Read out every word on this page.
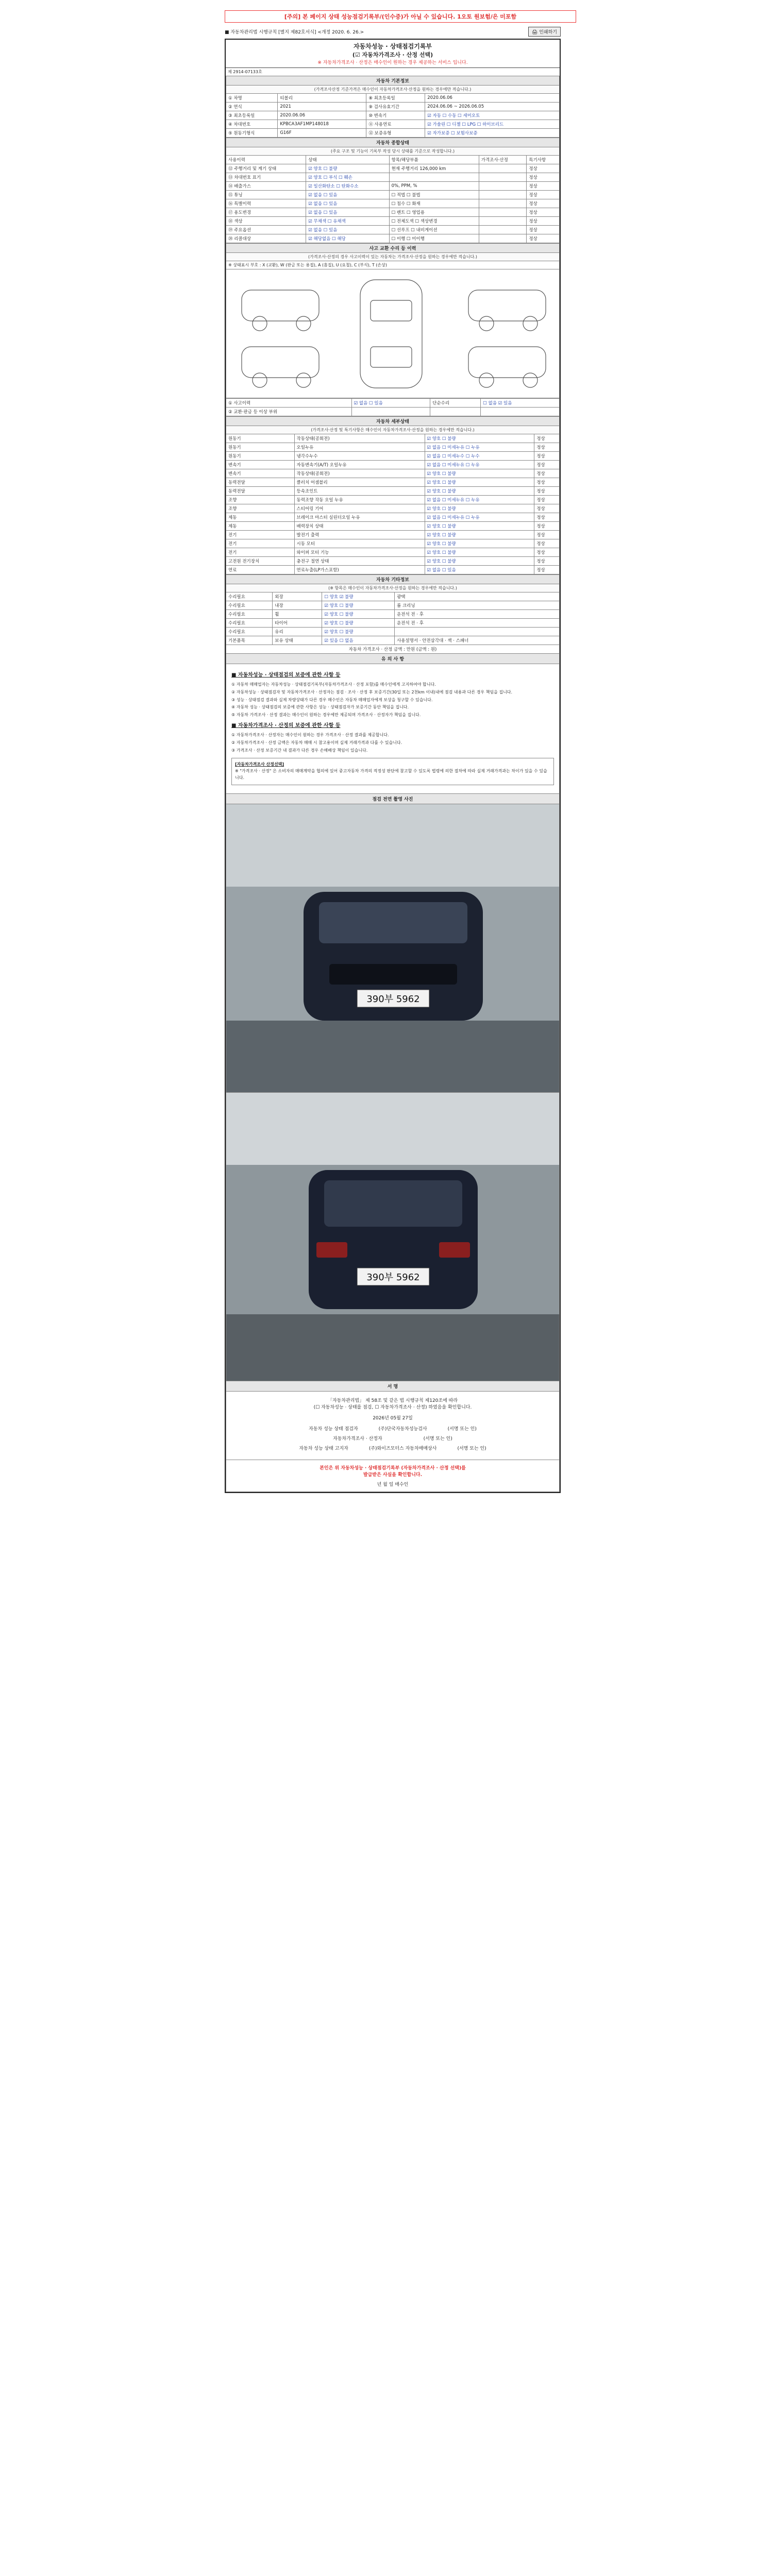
[주의] 본 페이지 상태 성능점검기록부/(인수증)가 아닐 수 있습니다. 1오토 원보험/은 미포함
■ 자동차관리법 시행규칙 [별지 제82호서식] <개정 2020. 6. 26.>	🖨 인쇄하기
자동차성능 · 상태점검기록부
(☑ 자동차가격조사 · 산정 선택)
※ 자동차가격조사 · 산정은 매수인이 원하는 경우 제공하는 서비스 입니다.
제 2914-07133호
자동차 기본정보			
(가격조사산정 기준가격은 매수인이 자동차가격조사·산정을 원하는 경우에만 적습니다.)			
① 차명	티볼리	⑧ 최초등록일	2020.06.06
② 연식	2021	⑨ 검사유효기간	2024.06.06 ~ 2026.06.05
③ 최초등록일	2020.06.06	⑩ 변속기	☑ 자동 ☐ 수동 ☐ 세미오토
④ 차대번호	KPBCA3AF1MP148018	⑪ 사용연료	☑ 가솔린 ☐ 디젤 ☐ LPG ☐ 하이브리드
⑤ 원동기형식	G16F	⑫ 보증유형	☑ 자가보증 ☐ 보험사보증
자동차 종합상태				
(주요 구조 및 기능이 기록부 작성 당시 상태를 기준으로 작성합니다.)				
사용이력	상태	항목/해당부품	가격조사·산정	특기사항
⑫ 주행거리 및 계기 상태	☑ 양호 ☐ 불량	현재 주행거리 126,000 km		정상
⑬ 차대번호 표기	☑ 양호 ☐ 부식 ☐ 훼손			정상
⑭ 배출가스	☑ 일산화탄소 ☐ 탄화수소	0%, PPM, %		정상
⑮ 튜닝	☑ 없음 ☐ 있음	☐ 적법 ☐ 불법		정상
⑯ 특별이력	☑ 없음 ☐ 있음	☐ 침수 ☐ 화재		정상
⑰ 용도변경	☑ 없음 ☐ 있음	☐ 렌트 ☐ 영업용		정상
⑱ 색상	☑ 무채색 ☐ 유채색	☐ 전체도색 ☐ 색상변경		정상
⑲ 주요옵션	☑ 없음 ☐ 있음	☐ 선루프 ☐ 내비게이션		정상
⑳ 리콜대상	☑ 해당없음 ☐ 해당	☐ 이행 ☐ 미이행		정상
사고 교환 수리 등 이력
(가격조사·산정의 경우 사고이력이 있는 자동차는 가격조사·산정을 원하는 경우에만 적습니다.)
※ 상태표시 부호 : X (교환), W (판금 또는 용접), A (흠집), U (요철), C (부식), T (손상)
① 사고이력	☑ 없음 ☐ 있음	단순수리	☐ 없음 ☑ 있음
② 교환·판금 등 이상 부위			
자동차 세부상태			
(가격조사·산정 및 특기사항은 매수인이 자동차가격조사·산정을 원하는 경우에만 적습니다.)			
원동기	작동상태(공회전)	☑ 양호 ☐ 불량	정상
원동기	오일누유	☑ 없음 ☐ 미세누유 ☐ 누유	정상
원동기	냉각수누수	☑ 없음 ☐ 미세누수 ☐ 누수	정상
변속기	자동변속기(A/T) 오일누유	☑ 없음 ☐ 미세누유 ☐ 누유	정상
변속기	작동상태(공회전)	☑ 양호 ☐ 불량	정상
동력전달	클러치 어셈블리	☑ 양호 ☐ 불량	정상
동력전달	등속조인트	☑ 양호 ☐ 불량	정상
조향	동력조향 작동 오일 누유	☑ 없음 ☐ 미세누유 ☐ 누유	정상
조향	스티어링 기어	☑ 양호 ☐ 불량	정상
제동	브레이크 마스터 실린더오일 누유	☑ 없음 ☐ 미세누유 ☐ 누유	정상
제동	배력장치 상태	☑ 양호 ☐ 불량	정상
전기	발전기 출력	☑ 양호 ☐ 불량	정상
전기	시동 모터	☑ 양호 ☐ 불량	정상
전기	와이퍼 모터 기능	☑ 양호 ☐ 불량	정상
고전원 전기장치	충전구 절연 상태	☑ 양호 ☐ 불량	정상
연료	연료누출(LP가스포함)	☑ 없음 ☐ 있음	정상
자동차 기타정보			
(※ 항목은 매수인이 자동차가격조사·산정을 원하는 경우에만 적습니다.)			
수리필요	외장	☐ 양호 ☑ 불량	광택
수리필요	내장	☑ 양호 ☐ 불량	룸 크리닝
수리필요	휠	☑ 양호 ☐ 불량	운전석 전 · 후
수리필요	타이어	☑ 양호 ☐ 불량	운전석 전 · 후
수리필요	유리	☑ 양호 ☐ 불량	
기본품목	보유 상태	☑ 있음 ☐ 없음	사용설명서 · 안전삼각대 · 잭 · 스패너
자동차 가격조사 · 산정 금액 : 만원 (금액 : 원)			
유 의 사 항
■ 자동차성능 · 상태점검의 보증에 관한 사항 등

① 자동차 매매업자는 자동차성능 · 상태점검기록부(자동차가격조사 · 산정 포함)를 매수인에게 고지하여야 합니다.

② 자동차성능 · 상태점검자 및 자동차가격조사 · 산정자는 점검 · 조사 · 산정 후 보증기간(30일 또는 2천km 이내)내에 점검 내용과 다른 경우 책임을 집니다.

③ 성능 · 상태점검 결과와 실제 차량상태가 다른 경우 매수인은 자동차 매매업자에게 보상을 청구할 수 있습니다.

④ 자동차 성능 · 상태점검의 보증에 관한 사항은 성능 · 상태점검자가 보증기간 동안 책임을 집니다.

⑤ 자동차 가격조사 · 산정 결과는 매수인이 원하는 경우에만 제공되며 가격조사 · 산정자가 책임을 집니다.

■ 자동차가격조사 · 산정의 보증에 관한 사항 등

① 자동차가격조사 · 산정자는 매수인이 원하는 경우 가격조사 · 산정 결과를 제공합니다.

② 자동차가격조사 · 산정 금액은 자동차 매매 시 참고용이며 실제 거래가격과 다를 수 있습니다.

③ 가격조사 · 산정 보증기간 내 결과가 다른 경우 손해배상 책임이 있습니다.

[자동차가격조사 산정선택]
※ "가격조사 · 산정" 은 소비자의 매매계약을 협의에 있어 중고자동차 가격의 적정성 판단에 참고할 수 있도록 법령에 의한 절차에 따라 실제 거래가격과는 차이가 있을 수 있습니다.
점검 전면 촬영 사진
390부 5962
390부 5962
서 명
「자동차관리법」 제 58조 및 같은 법 시행규칙 제120조에 따라
(☐ 자동차성능 · 상태를 점검, ☐ 자동차가격조사 · 산정) 하였음을 확인합니다.
2026년 05월 27일
자동차 성능 상태 점검자	(주)단국자동차성능검사	(서명 또는 인)
자동차가격조사 · 산정자	(서명 또는 인)
자동차 성능 상태 고지자	(주)와이즈모터스 자동차매매상사	(서명 또는 인)
본인은 위 자동차성능 · 상태점검기록부 (자동차가격조사 · 산정 선택)를
발급받은 사실을 확인합니다.
년 월 일 매수인
